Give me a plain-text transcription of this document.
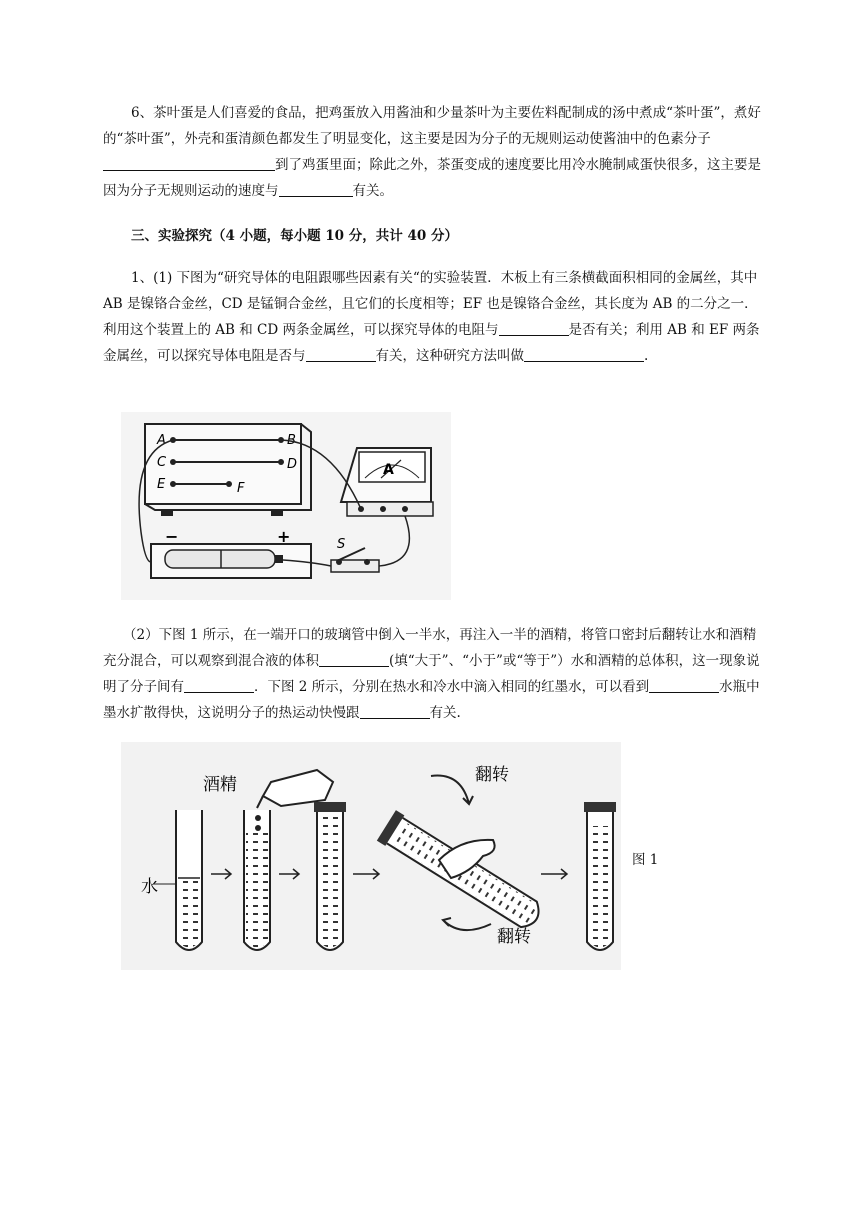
6、茶叶蛋是人们喜爱的食品，把鸡蛋放入用酱油和少量茶叶为主要佐料配制成的汤中煮成“茶叶蛋”，煮好的“茶叶蛋”，外壳和蛋清颜色都发生了明显变化，这主要是因为分子的无规则运动使酱油中的色素分子到了鸡蛋里面；除此之外，茶蛋变成的速度要比用冷水腌制咸蛋快很多，这主要是因为分子无规则运动的速度与	有关。
三、实验探究（4 小题，每小题 10 分，共计 40 分）
1、(1) 下图为“研究导体的电阻跟哪些因素有关“的实验装置．木板上有三条横截面积相同的金属丝，其中 AB 是镍铬合金丝，CD 是锰铜合金丝，且它们的长度相等；EF 也是镍铬合金丝，其长度为 AB 的二分之一．利用这个装置上的 AB 和 CD 两条金属丝，可以探究导体的电阻与	是否有关；利用 AB 和 EF 两条金属丝，可以探究导体电阻是否与	有关，这种研究方法叫做	.
A	B
C	D
E	F
A
−	+	S
（2）下图 1 所示，在一端开口的玻璃管中倒入一半水，再注入一半的酒精，将管口密封后翻转让水和酒精充分混合，可以观察到混合液的体积	(填“大于”、“小于”或“等于”）水和酒精的总体积，这一现象说明了分子间有	．下图 2 所示，分别在热水和冷水中滴入相同的红墨水，可以看到	水瓶中墨水扩散得快，这说明分子的热运动快慢跟	有关.
水
酒精	翻转
翻转
图 1
